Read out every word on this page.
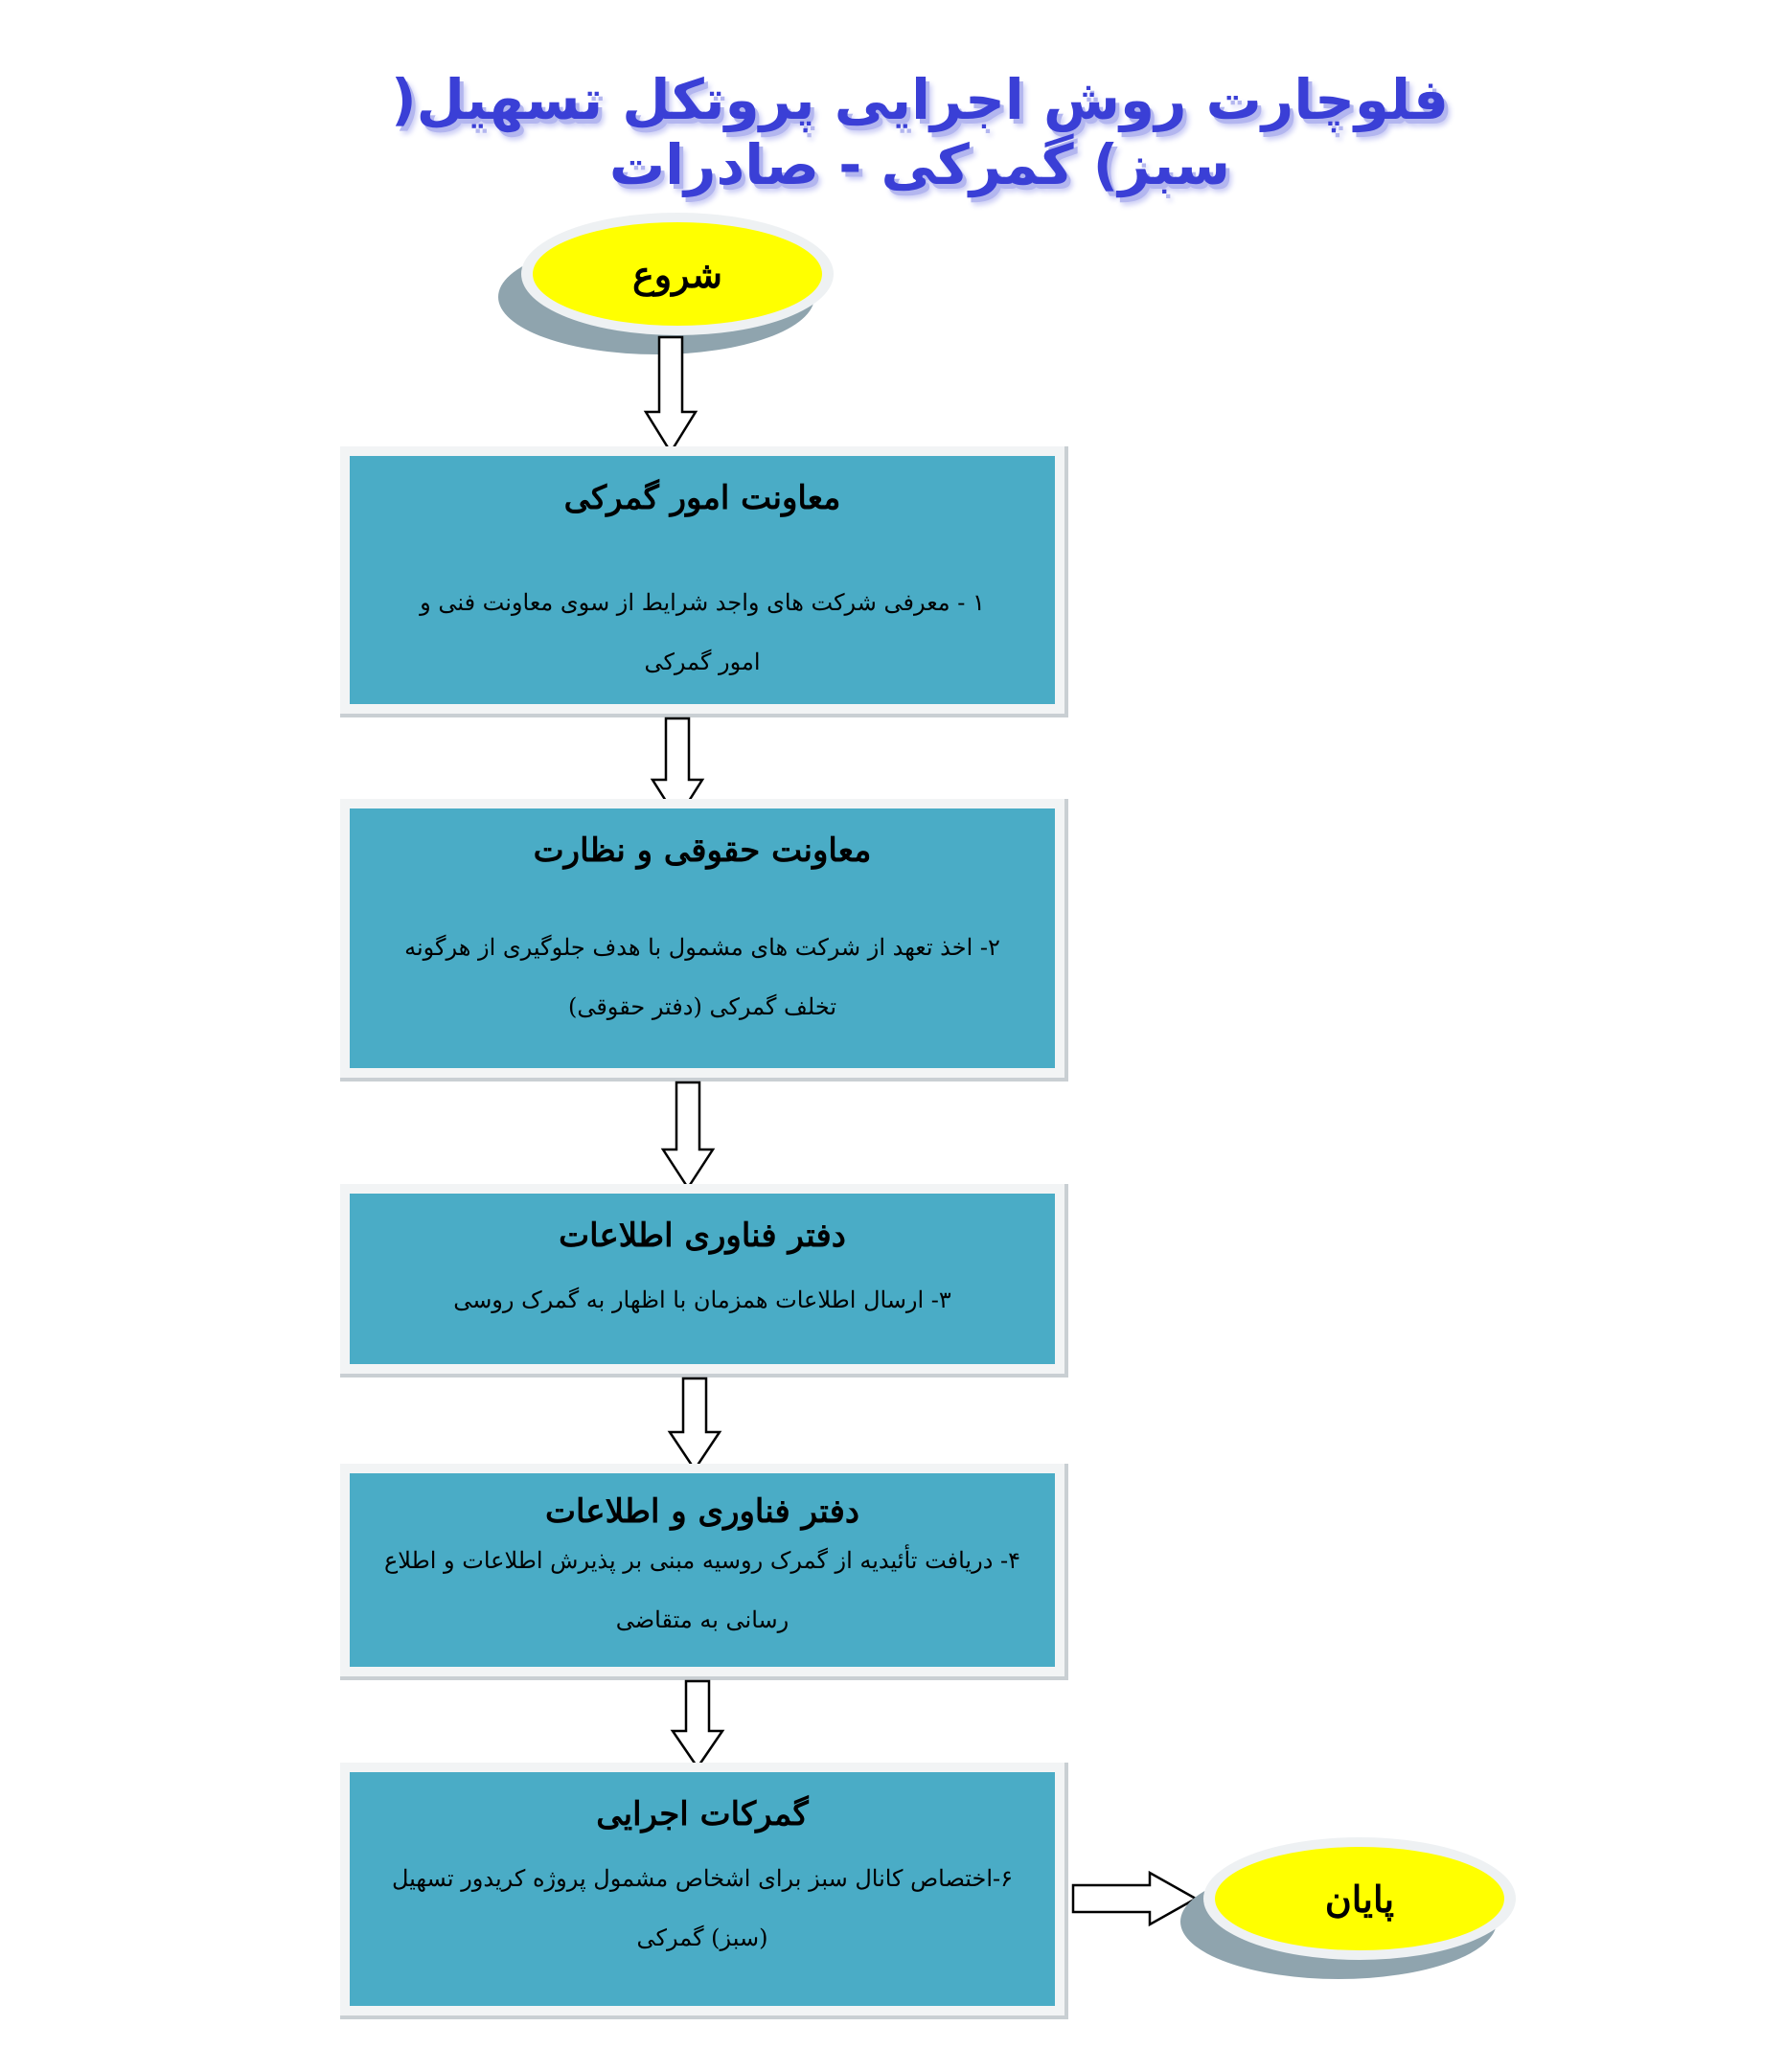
فلوچارت روش اجرایی پروتکل تسهیل( سبز) گمرکی - صادرات
شروع
معاونت امور گمرکی
۱ - معرفی شرکت های واجد شرایط از سوی معاونت فنی و امور گمرکی
معاونت حقوقی و نظارت
۲- اخذ تعهد از شرکت های مشمول با هدف جلوگیری از هرگونه تخلف گمرکی (دفتر حقوقی)
دفتر فناوری اطلاعات
۳- ارسال اطلاعات همزمان با اظهار به گمرک روسی
دفتر فناوری و اطلاعات
۴- دریافت تأئیدیه از گمرک روسیه مبنی بر پذیرش اطلاعات و اطلاع رسانی به متقاضی
گمرکات اجرایی
۶-اختصاص کانال سبز برای اشخاص مشمول پروژه کریدور تسهیل (سبز) گمرکی
پایان
